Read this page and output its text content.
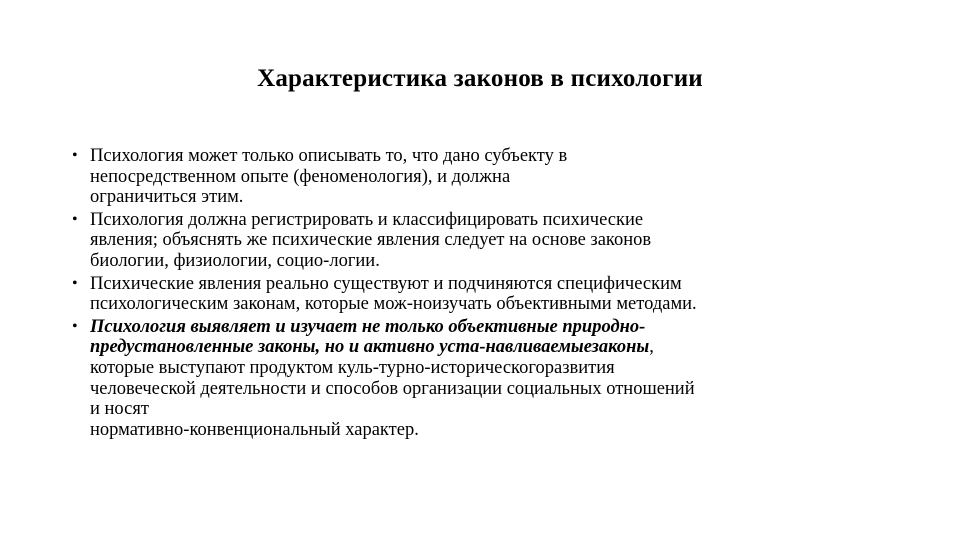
Характеристика законов в психологии
• Психология может только описывать то, что дано субъекту в
непосредственном опыте (феноменология), и должна
ограничиться этим.
• Психология должна регистрировать и классифицировать психические
явления; объяснять же психические явления следует на основе законов
биологии, физиологии, социо-логии.
• Психические явления реально существуют и подчиняются специфическим
психологическим законам, которые мож-ноизучать объективными методами.
• Психология выявляет и изучает не только объективные природно-
предустановленные законы, но и активно уста-навливаемыезаконы,
которые выступают продуктом куль-турно-историческогоразвития
человеческой деятельности и способов организации социальных отношений
и носят
нормативно-конвенциональный характер.
